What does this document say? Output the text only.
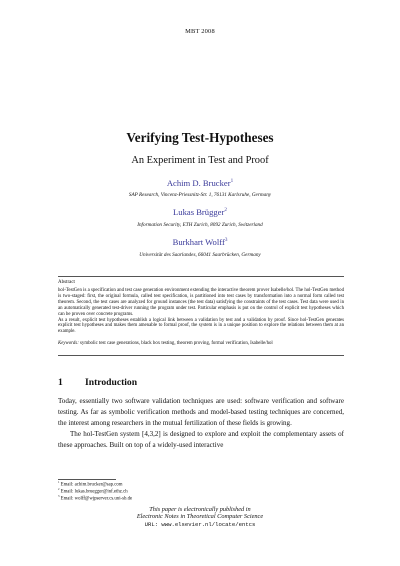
MBT 2008
Verifying Test-Hypotheses
An Experiment in Test and Proof
Achim D. Brucker$^1$
SAP Research, Vincenz-Priessnitz-Str. 1, 76131 Karlsruhe, Germany
Lukas Brügger$^2$
Information Security, ETH Zurich, 8092 Zurich, Switzerland
Burkhart Wolff$^3$
Universität des Saarlandes, 66041 Saarbrücken, Germany
Abstract
hol-TestGen is a specification and test case generation environment extending the interactive theorem prover Isabelle/hol. The hol-TestGen method is two-staged: first, the original formula, called test specification, is partitioned into test cases by transformation into a normal form called test theorem. Second, the test cases are analyzed for ground instances (the test data) satisfying the constraints of the test cases. Test data were used in an automatically generated test-driver running the program under test. Particular emphasis is put on the control of explicit test hypotheses which can be proven over concrete programs.
As a result, explicit test hypotheses establish a logical link between a validation by test and a validation by proof. Since hol-TestGen generates explicit test hypotheses and makes them amenable to formal proof, the system is in a unique position to explore the relations between them at an example.
Keywords: symbolic test case generations, black box testing, theorem proving, formal verification, Isabelle/hol
1 Introduction

Today, essentially two software validation techniques are used: software verification and software testing. As far as symbolic verification methods and model-based testing techniques are concerned, the interest among researchers in the mutual fertilization of these fields is growing.

The hol-TestGen system [4,3,2] is designed to explore and exploit the complementary assets of these approaches. Built on top of a widely-used interactive

$^1$ Email: achim.brucker@sap.com
$^2$ Email: lukas.bruegger@inf.ethz.ch
$^3$ Email: wolff@wjpserver.cs.uni-sb.de
This paper is electronically published in
Electronic Notes in Theoretical Computer Science
URL: www.elsevier.nl/locate/entcs
